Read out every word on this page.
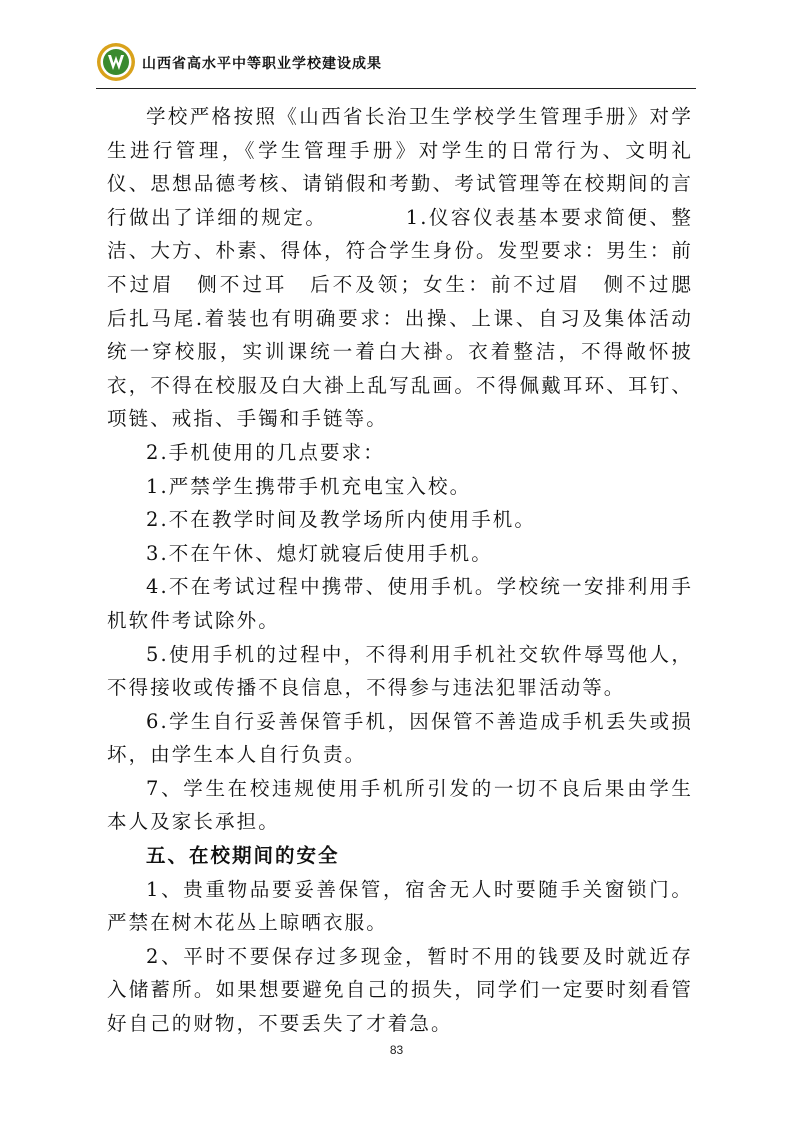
山西省高水平中等职业学校建设成果

学校严格按照《山西省长治卫生学校学生管理手册》对学生进行管理，《学生管理手册》对学生的日常行为、文明礼仪、思想品德考核、请销假和考勤、考试管理等在校期间的言行做出了详细的规定。　　　　1.仪容仪表基本要求简便、整洁、大方、朴素、得体，符合学生身份。发型要求：男生：前不过眉　侧不过耳　后不及领；女生：前不过眉　侧不过腮　后扎马尾.着装也有明确要求：出操、上课、自习及集体活动统一穿校服，实训课统一着白大褂。衣着整洁，不得敞怀披衣，不得在校服及白大褂上乱写乱画。不得佩戴耳环、耳钉、项链、戒指、手镯和手链等。

2.手机使用的几点要求：

1.严禁学生携带手机充电宝入校。

2.不在教学时间及教学场所内使用手机。

3.不在午休、熄灯就寝后使用手机。

4.不在考试过程中携带、使用手机。学校统一安排利用手机软件考试除外。

5.使用手机的过程中，不得利用手机社交软件辱骂他人，不得接收或传播不良信息，不得参与违法犯罪活动等。

6.学生自行妥善保管手机，因保管不善造成手机丢失或损坏，由学生本人自行负责。

7、学生在校违规使用手机所引发的一切不良后果由学生本人及家长承担。

五、在校期间的安全

1、贵重物品要妥善保管，宿舍无人时要随手关窗锁门。严禁在树木花丛上晾晒衣服。

2、平时不要保存过多现金，暂时不用的钱要及时就近存入储蓄所。如果想要避免自己的损失，同学们一定要时刻看管好自己的财物，不要丢失了才着急。

83
